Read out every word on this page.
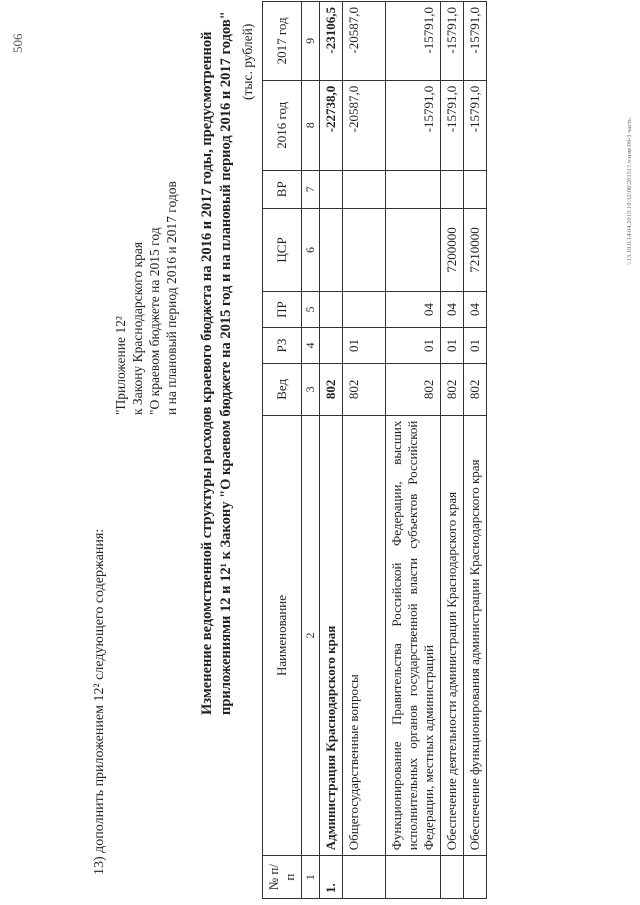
506
13) дополнить приложением 12² следующего содержания:
"Приложение 12² к Закону Краснодарского края "О краевом бюджете на 2015 год и на плановый период 2016 и 2017 годов Изменение ведомственной структуры расходов краевого бюджета на 2016 и 2017 годы, предусмотренной приложениями 12 и 12¹ к Закону "О краевом бюджете на 2015 год и на плановый период 2016 и 2017 годов" (тыс. рублей)
№ п/п	Наименование	Вед	РЗ	ПР	ЦСР	ВР	2016 год	2017 год
1	2	3	4	5	6	7	8	9
1.	Администрация Краснодарского края	802					-22738,0	-23106,5
	Общегосударственные вопросы	802	01				-20587,0	-20587,0
	Функционирование Правительства Российской Федерации, высших исполнительных органов государственной власти субъектов Российской Федерации, местных администраций	802	01	04			-15791,0	-15791,0
	Обеспечение деятельности администрации Краснодарского края	802	01	04	7200000		-15791,0	-15791,0
	Обеспечение функционирования администрации Краснодарского края	802	01	04	7210000		-15791,0	-15791,0
\\13.10.0.14\04.2015\10\32\06\20151?.ч\изм\09-3 часть
